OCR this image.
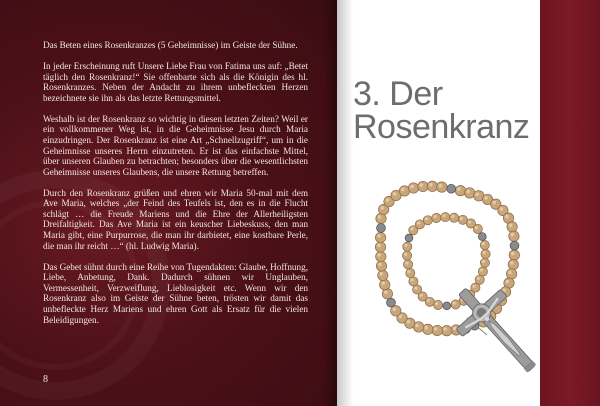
Das Beten eines Rosenkranzes (5 Geheimnisse) im Geiste der Sühne.

In jeder Erscheinung ruft Unsere Liebe Frau von Fatima uns auf: „Betet täglich den Rosenkranz!“ Sie offenbarte sich als die Königin des hl. Rosenkranzes. Neben der Andacht zu ihrem unbefleckten Herzen bezeichnete sie ihn als das letzte Rettungsmittel.

Weshalb ist der Rosenkranz so wichtig in diesen letzten Zeiten? Weil er ein vollkommener Weg ist, in die Geheimnisse Jesu durch Maria einzudringen. Der Rosenkranz ist eine Art „Schnellzugriff“, um in die Geheimnisse unseres Herrn einzutreten. Er ist das einfachste Mittel, über unseren Glauben zu betrachten; besonders über die wesentlichsten Geheimnisse unseres Glaubens, die unsere Rettung betreffen.

Durch den Rosenkranz grüßen und ehren wir Maria 50-mal mit dem Ave Maria, welches „der Feind des Teufels ist, den es in die Flucht schlägt … die Freude Mariens und die Ehre der Allerheiligsten Dreifaltigkeit. Das Ave Maria ist ein keuscher Liebeskuss, den man Maria gibt, eine Purpurrose, die man ihr darbietet, eine kostbare Perle, die man ihr reicht …“ (hl. Ludwig Maria).

Das Gebet sühnt durch eine Reihe von Tugendakten: Glaube, Hoffnung, Liebe, Anbetung, Dank. Dadurch sühnen wir Unglauben, Vermessenheit, Verzweiflung, Lieblosigkeit etc. Wenn wir den Rosenkranz also im Geiste der Sühne beten, trösten wir damit das unbefleckte Herz Mariens und ehren Gott als Ersatz für die vielen Beleidigungen.

8
3. Der
Rosenkranz
